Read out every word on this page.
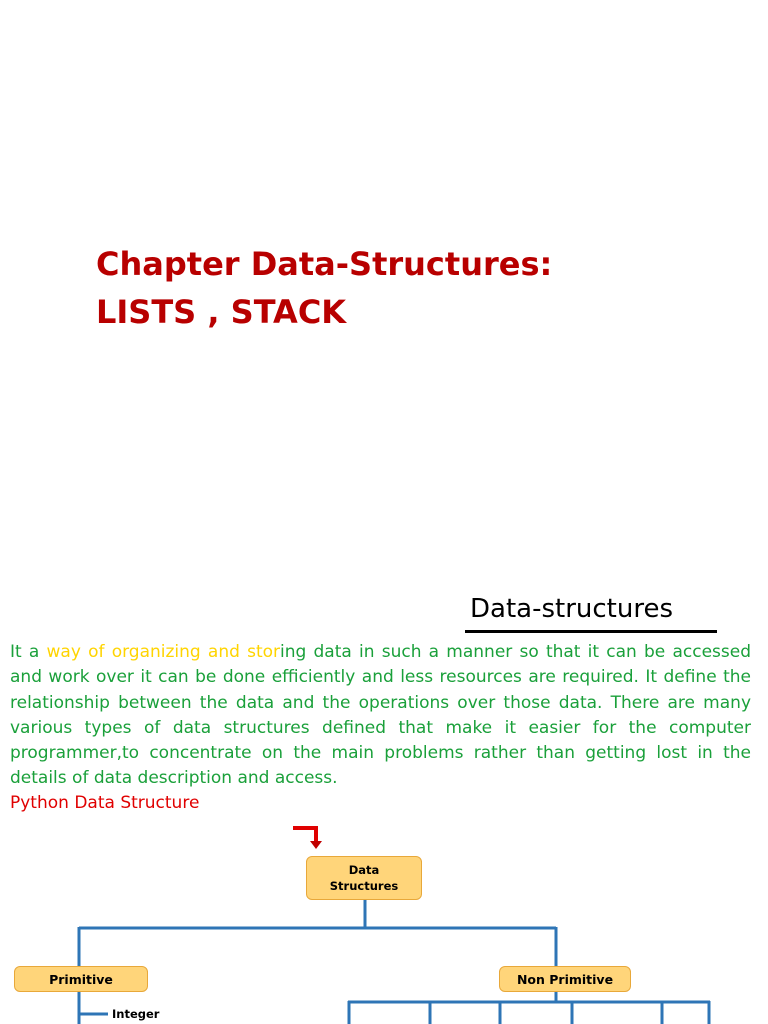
Chapter Data-Structures:
LISTS , STACK
Data-structures

It a way of organizing and storing data in such a manner so that it can be accessed and work over it can be done efficiently and less resources are required. It define the relationship between the data and the operations over those data. There are many various types of data structures defined that make it easier for the computer programmer,to concentrate on the main problems rather than getting lost in the details of data description and access.

Python Data Structure
Data
Structures
Primitive	Non Primitive
Integer
